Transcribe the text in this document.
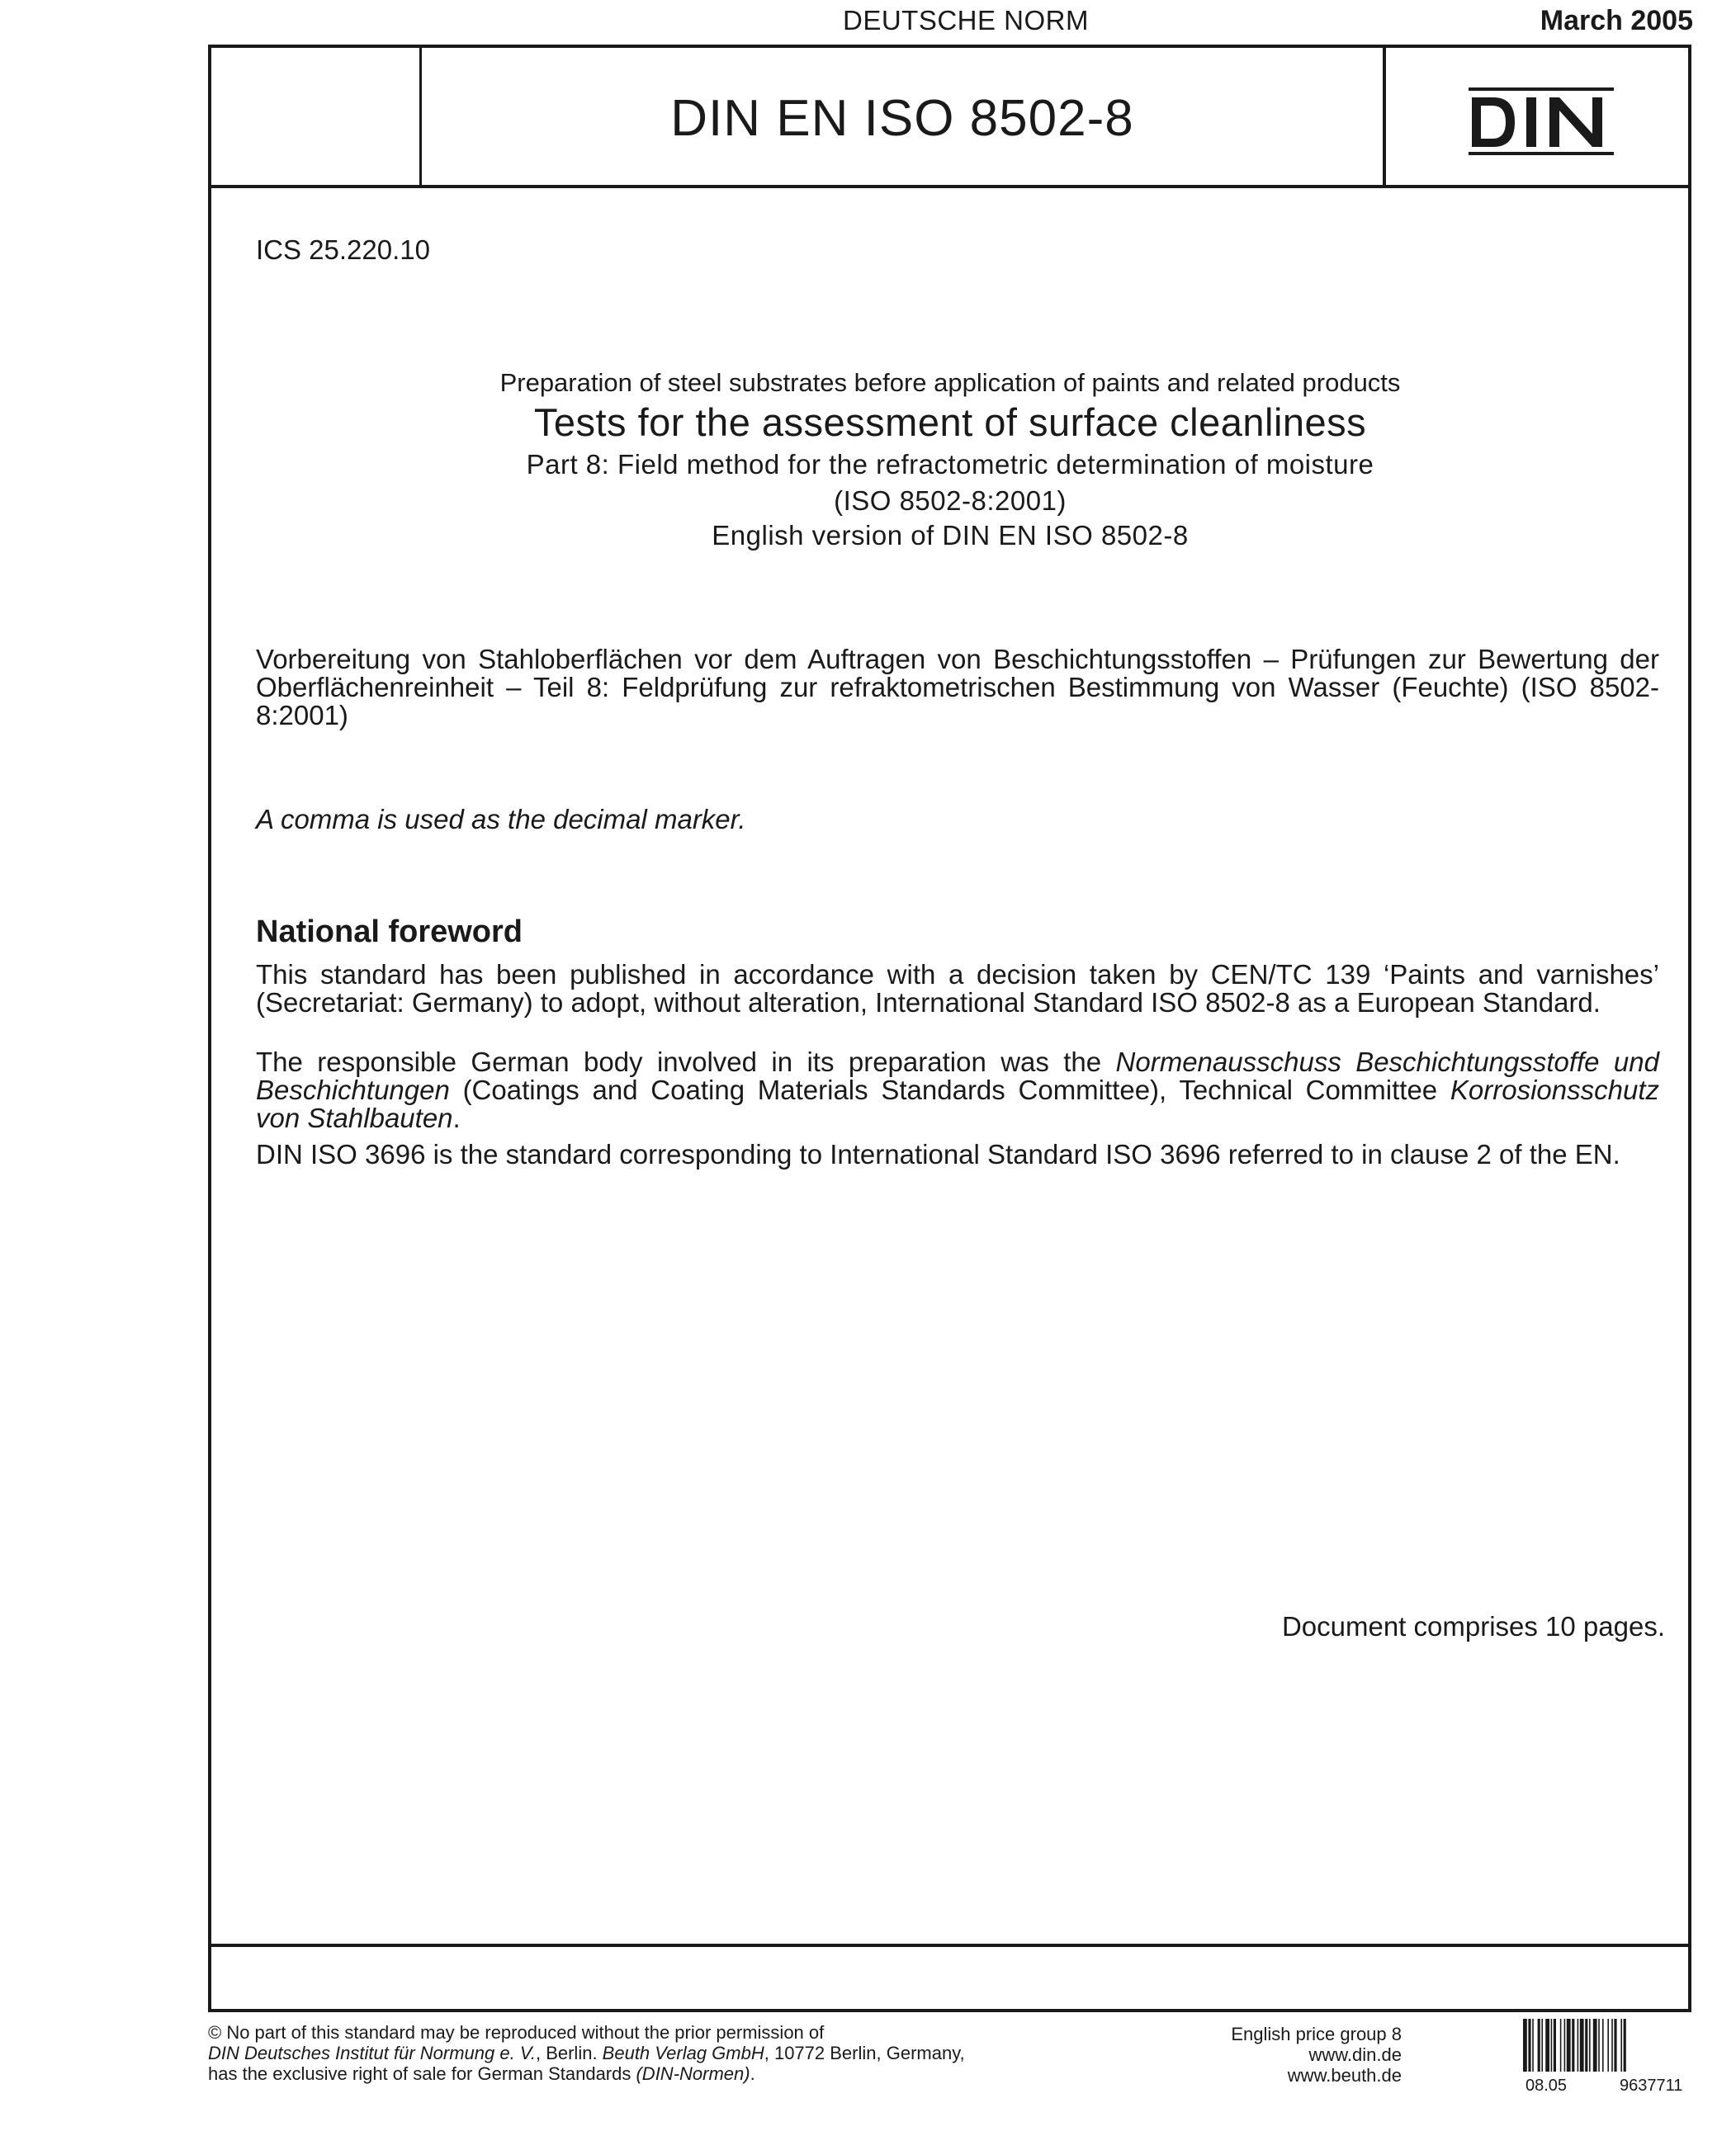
DEUTSCHE NORM	March 2005
DIN EN ISO 8502-8
ICS 25.220.10
Preparation of steel substrates before application of paints and related products
Tests for the assessment of surface cleanliness
Part 8: Field method for the refractometric determination of moisture
(ISO 8502-8:2001)
English version of DIN EN ISO 8502-8
Vorbereitung von Stahloberflächen vor dem Auftragen von Beschichtungsstoffen – Prüfungen zur Bewertung der Oberflächenreinheit – Teil 8: Feldprüfung zur refraktometrischen Bestimmung von Wasser (Feuchte) (ISO 8502-8:2001)
A comma is used as the decimal marker.
National foreword
This standard has been published in accordance with a decision taken by CEN/TC 139 ‘Paints and varnishes’ (Secretariat: Germany) to adopt, without alteration, International Standard ISO 8502-8 as a European Standard.
The responsible German body involved in its preparation was the Normenausschuss Beschichtungsstoffe und Beschichtungen (Coatings and Coating Materials Standards Committee), Technical Committee Korrosionsschutz von Stahlbauten.
DIN ISO 3696 is the standard corresponding to International Standard ISO 3696 referred to in clause 2 of the EN.
Document comprises 10 pages.
© No part of this standard may be reproduced without the prior permission of
DIN Deutsches Institut für Normung e. V., Berlin. Beuth Verlag GmbH, 10772 Berlin, Germany,
has the exclusive right of sale for German Standards (DIN-Normen).
English price group 8
www.din.de
www.beuth.de	08.05	9637711
